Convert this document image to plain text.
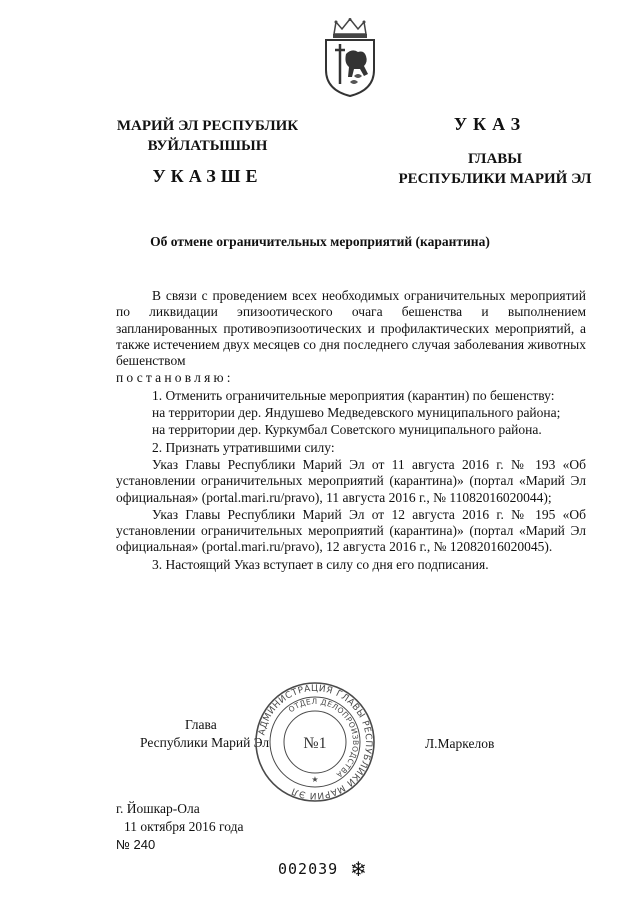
МАРИЙ ЭЛ РЕСПУБЛИК
ВУЙЛАТЫШЫН
УКАЗШЕ
УКАЗ
ГЛАВЫ
РЕСПУБЛИКИ МАРИЙ ЭЛ
Об отмене ограничительных мероприятий (карантина)

В связи с проведением всех необходимых ограничительных мероприятий по ликвидации эпизоотического очага бешенства и выполнением запланированных противоэпизоотических и профилактических мероприятий, а также истечением двух месяцев со дня последнего случая заболевания животных бешенством

постановляю:

1. Отменить ограничительные мероприятия (карантин) по бешенству:

на территории дер. Яндушево Медведевского муниципального района;

на территории дер. Куркумбал Советского муниципального района.

2. Признать утратившими силу:

Указ Главы Республики Марий Эл от 11 августа 2016 г. № 193 «Об установлении ограничительных мероприятий (карантина)» (портал «Марий Эл официальная» (portal.mari.ru/pravo), 11 августа 2016 г., № 11082016020044);

Указ Главы Республики Марий Эл от 12 августа 2016 г. № 195 «Об установлении ограничительных мероприятий (карантина)» (портал «Марий Эл официальная» (portal.mari.ru/pravo), 12 августа 2016 г., № 12082016020045).

3. Настоящий Указ вступает в силу со дня его подписания.

Глава
Республики Марий Эл	Л.Маркелов
АДМИНИСТРАЦИЯ ГЛАВЫ РЕСПУБЛИКИ МАРИЙ ЭЛ
ОТДЕЛ ДЕЛОПРОИЗВОДСТВА
№1
★
г. Йошкар-Ола
11 октября 2016 года
№ 240
002039 ❄
